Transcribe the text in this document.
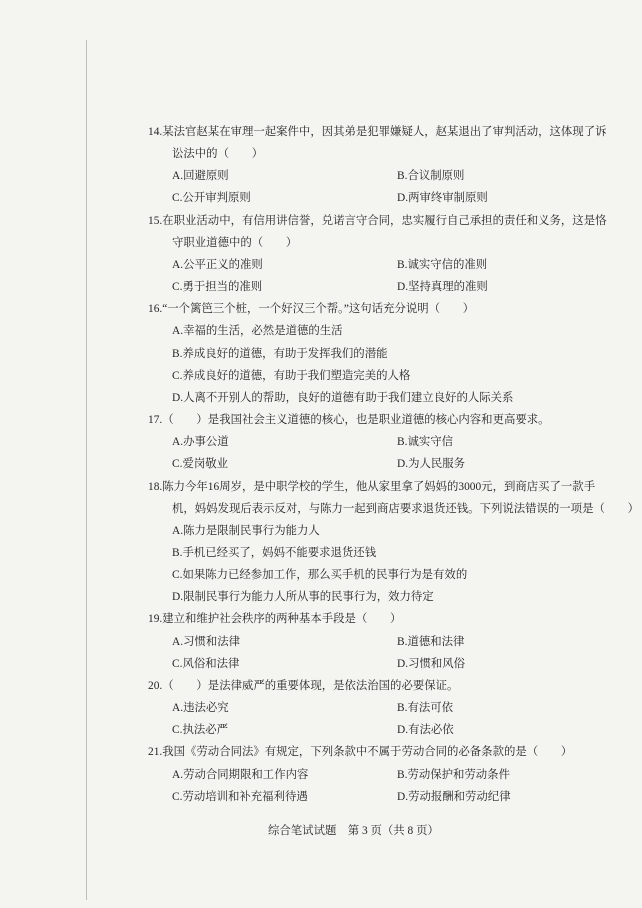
14.某法官赵某在审理一起案件中，因其弟是犯罪嫌疑人，赵某退出了审判活动，这体现了诉
讼法中的（　　）
A.回避原则	B.合议制原则
C.公开审判原则	D.两审终审制原则
15.在职业活动中，有信用讲信誉，兑诺言守合同，忠实履行自己承担的责任和义务，这是恪
守职业道德中的（　　）
A.公平正义的准则	B.诚实守信的准则
C.勇于担当的准则	D.坚持真理的准则
16.“一个篱笆三个桩，一个好汉三个帮。”这句话充分说明（　　）
A.幸福的生活，必然是道德的生活
B.养成良好的道德，有助于发挥我们的潜能
C.养成良好的道德，有助于我们塑造完美的人格
D.人离不开别人的帮助，良好的道德有助于我们建立良好的人际关系
17.（　　）是我国社会主义道德的核心，也是职业道德的核心内容和更高要求。
A.办事公道	B.诚实守信
C.爱岗敬业	D.为人民服务
18.陈力今年16周岁，是中职学校的学生，他从家里拿了妈妈的3000元，到商店买了一款手
机，妈妈发现后表示反对，与陈力一起到商店要求退货还钱。下列说法错误的一项是（　　）
A.陈力是限制民事行为能力人
B.手机已经买了，妈妈不能要求退货还钱
C.如果陈力已经参加工作，那么买手机的民事行为是有效的
D.限制民事行为能力人所从事的民事行为，效力待定
19.建立和维护社会秩序的两种基本手段是（　　）
A.习惯和法律	B.道德和法律
C.风俗和法律	D.习惯和风俗
20.（　　）是法律威严的重要体现，是依法治国的必要保证。
A.违法必究	B.有法可依
C.执法必严	D.有法必依
21.我国《劳动合同法》有规定，下列条款中不属于劳动合同的必备条款的是（　　）
A.劳动合同期限和工作内容	B.劳动保护和劳动条件
C.劳动培训和补充福利待遇	D.劳动报酬和劳动纪律
综合笔试试题　第 3 页（共 8 页）
